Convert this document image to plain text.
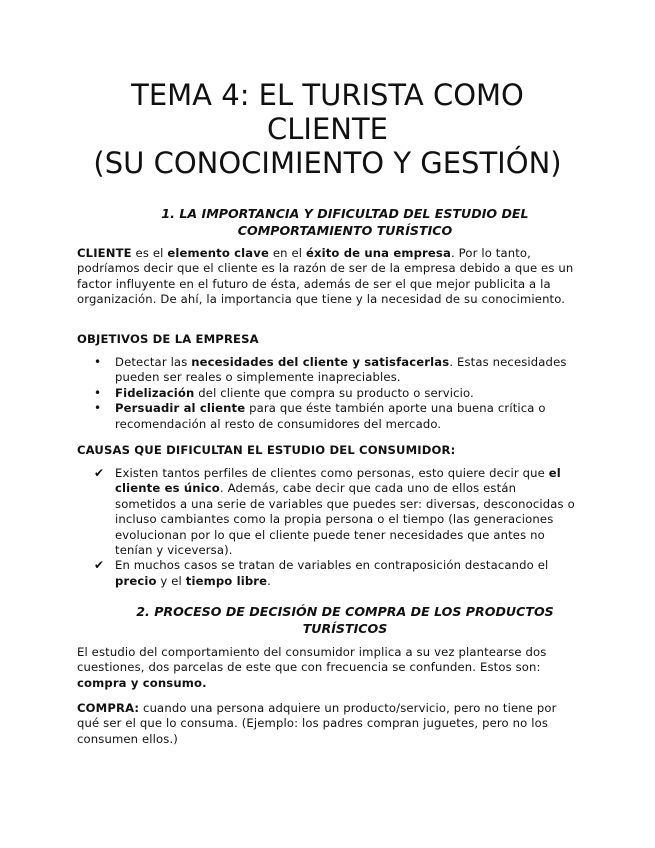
TEMA 4: EL TURISTA COMO
CLIENTE
(SU CONOCIMIENTO Y GESTIÓN)
1. LA IMPORTANCIA Y DIFICULTAD DEL ESTUDIO DEL
COMPORTAMIENTO TURÍSTICO
CLIENTE es el elemento clave en el éxito de una empresa. Por lo tanto, podríamos decir que el cliente es la razón de ser de la empresa debido a que es un factor influyente en el futuro de ésta, además de ser el que mejor publicita a la organización. De ahí, la importancia que tiene y la necesidad de su conocimiento.
OBJETIVOS DE LA EMPRESA
• Detectar las necesidades del cliente y satisfacerlas. Estas necesidades pueden ser reales o simplemente inapreciables.
• Fidelización del cliente que compra su producto o servicio.
• Persuadir al cliente para que éste también aporte una buena crítica o recomendación al resto de consumidores del mercado.
CAUSAS QUE DIFICULTAN EL ESTUDIO DEL CONSUMIDOR:
✔ Existen tantos perfiles de clientes como personas, esto quiere decir que el cliente es único. Además, cabe decir que cada uno de ellos están sometidos a una serie de variables que puedes ser: diversas, desconocidas o incluso cambiantes como la propia persona o el tiempo (las generaciones evolucionan por lo que el cliente puede tener necesidades que antes no tenían y viceversa).
✔ En muchos casos se tratan de variables en contraposición destacando el precio y el tiempo libre.
2. PROCESO DE DECISIÓN DE COMPRA DE LOS PRODUCTOS
TURÍSTICOS
El estudio del comportamiento del consumidor implica a su vez plantearse dos cuestiones, dos parcelas de este que con frecuencia se confunden. Estos son: compra y consumo.
COMPRA: cuando una persona adquiere un producto/servicio, pero no tiene por qué ser el que lo consuma. (Ejemplo: los padres compran juguetes, pero no los consumen ellos.)
